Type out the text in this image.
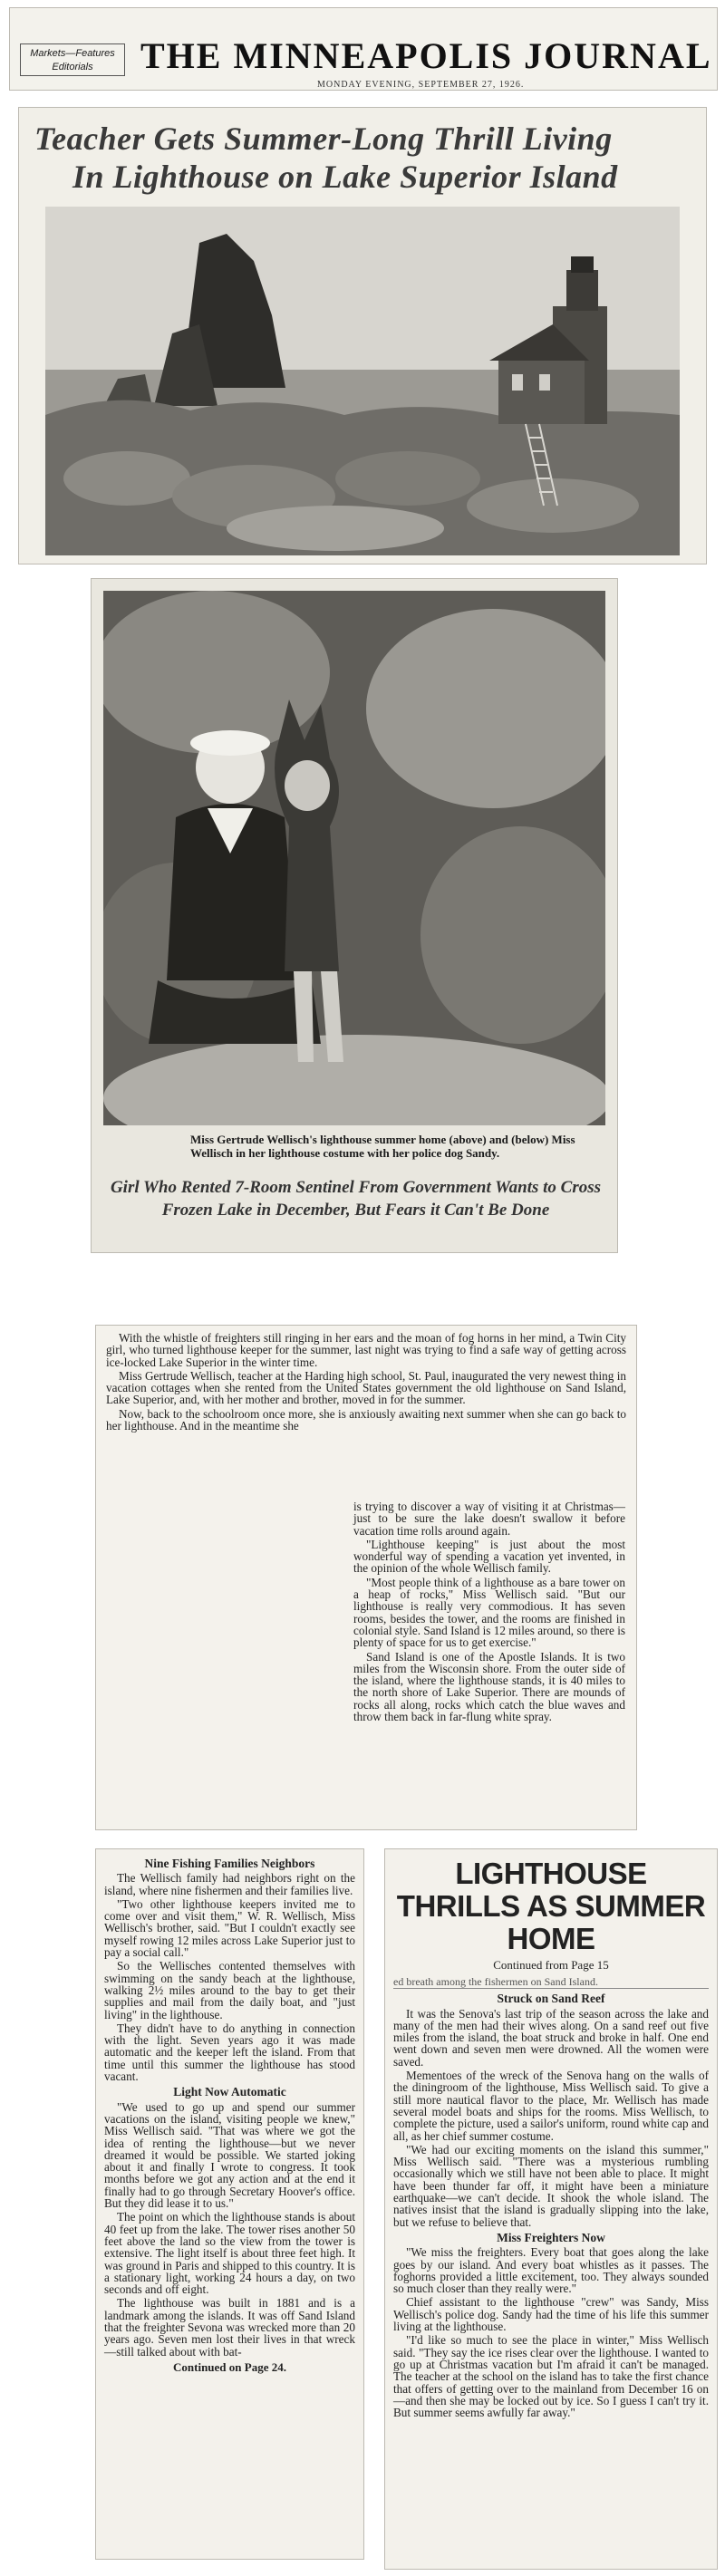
Markets—Features
Editorials	THE MINNEAPOLIS JOURNAL
MONDAY EVENING, SEPTEMBER 27, 1926.
Teacher Gets Summer-Long Thrill Living
In Lighthouse on Lake Superior Island
Miss Gertrude Wellisch's lighthouse summer home (above) and (below) Miss Wellisch in her lighthouse costume with her police dog Sandy.
Girl Who Rented 7-Room Sentinel From Government Wants to Cross Frozen Lake in December, But Fears it Can't Be Done

With the whistle of freighters still ringing in her ears and the moan of fog horns in her mind, a Twin City girl, who turned lighthouse keeper for the summer, last night was trying to find a safe way of getting across ice-locked Lake Superior in the winter time.

Miss Gertrude Wellisch, teacher at the Harding high school, St. Paul, inaugurated the very newest thing in vacation cottages when she rented from the United States government the old lighthouse on Sand Island, Lake Superior, and, with her mother and brother, moved in for the summer.

Now, back to the schoolroom once more, she is anxiously awaiting next summer when she can go back to her lighthouse. And in the meantime she

is trying to discover a way of visiting it at Christmas—just to be sure the lake doesn't swallow it before vacation time rolls around again.

"Lighthouse keeping" is just about the most wonderful way of spending a vacation yet invented, in the opinion of the whole Wellisch family.

"Most people think of a lighthouse as a bare tower on a heap of rocks," Miss Wellisch said. "But our lighthouse is really very commodious. It has seven rooms, besides the tower, and the rooms are finished in colonial style. Sand Island is 12 miles around, so there is plenty of space for us to get exercise."

Sand Island is one of the Apostle Islands. It is two miles from the Wisconsin shore. From the outer side of the island, where the lighthouse stands, it is 40 miles to the north shore of Lake Superior. There are mounds of rocks all along, rocks which catch the blue waves and throw them back in far-flung white spray.

Nine Fishing Families Neighbors

The Wellisch family had neighbors right on the island, where nine fishermen and their families live.

"Two other lighthouse keepers invited me to come over and visit them," W. R. Wellisch, Miss Wellisch's brother, said. "But I couldn't exactly see myself rowing 12 miles across Lake Superior just to pay a social call."

So the Wellisches contented themselves with swimming on the sandy beach at the lighthouse, walking 2½ miles around to the bay to get their supplies and mail from the daily boat, and "just living" in the lighthouse.

They didn't have to do anything in connection with the light. Seven years ago it was made automatic and the keeper left the island. From that time until this summer the lighthouse has stood vacant.

Light Now Automatic

"We used to go up and spend our summer vacations on the island, visiting people we knew," Miss Wellisch said. "That was where we got the idea of renting the lighthouse—but we never dreamed it would be possible. We started joking about it and finally I wrote to congress. It took months before we got any action and at the end it finally had to go through Secretary Hoover's office. But they did lease it to us."

The point on which the lighthouse stands is about 40 feet up from the lake. The tower rises another 50 feet above the land so the view from the tower is extensive. The light itself is about three feet high. It was ground in Paris and shipped to this country. It is a stationary light, working 24 hours a day, on two seconds and off eight.

The lighthouse was built in 1881 and is a landmark among the islands. It was off Sand Island that the freighter Sevona was wrecked more than 20 years ago. Seven men lost their lives in that wreck—still talked about with bat-

Continued on Page 24.
LIGHTHOUSE THRILLS AS SUMMER HOME
Continued from Page 15
ed breath among the fishermen on Sand Island.
Struck on Sand Reef

It was the Senova's last trip of the season across the lake and many of the men had their wives along. On a sand reef out five miles from the island, the boat struck and broke in half. One end went down and seven men were drowned. All the women were saved.

Mementoes of the wreck of the Senova hang on the walls of the diningroom of the lighthouse, Miss Wellisch said. To give a still more nautical flavor to the place, Mr. Wellisch has made several model boats and ships for the rooms. Miss Wellisch, to complete the picture, used a sailor's uniform, round white cap and all, as her chief summer costume.

"We had our exciting moments on the island this summer," Miss Wellisch said. "There was a mysterious rumbling occasionally which we still have not been able to place. It might have been thunder far off, it might have been a miniature earthquake—we can't decide. It shook the whole island. The natives insist that the island is gradually slipping into the lake, but we refuse to believe that.

Miss Freighters Now

"We miss the freighters. Every boat that goes along the lake goes by our island. And every boat whistles as it passes. The foghorns provided a little excitement, too. They always sounded so much closer than they really were."

Chief assistant to the lighthouse "crew" was Sandy, Miss Wellisch's police dog. Sandy had the time of his life this summer living at the lighthouse.

"I'd like so much to see the place in winter," Miss Wellisch said. "They say the ice rises clear over the lighthouse. I wanted to go up at Christmas vacation but I'm afraid it can't be managed. The teacher at the school on the island has to take the first chance that offers of getting over to the mainland from December 16 on—and then she may be locked out by ice. So I guess I can't try it. But summer seems awfully far away."
